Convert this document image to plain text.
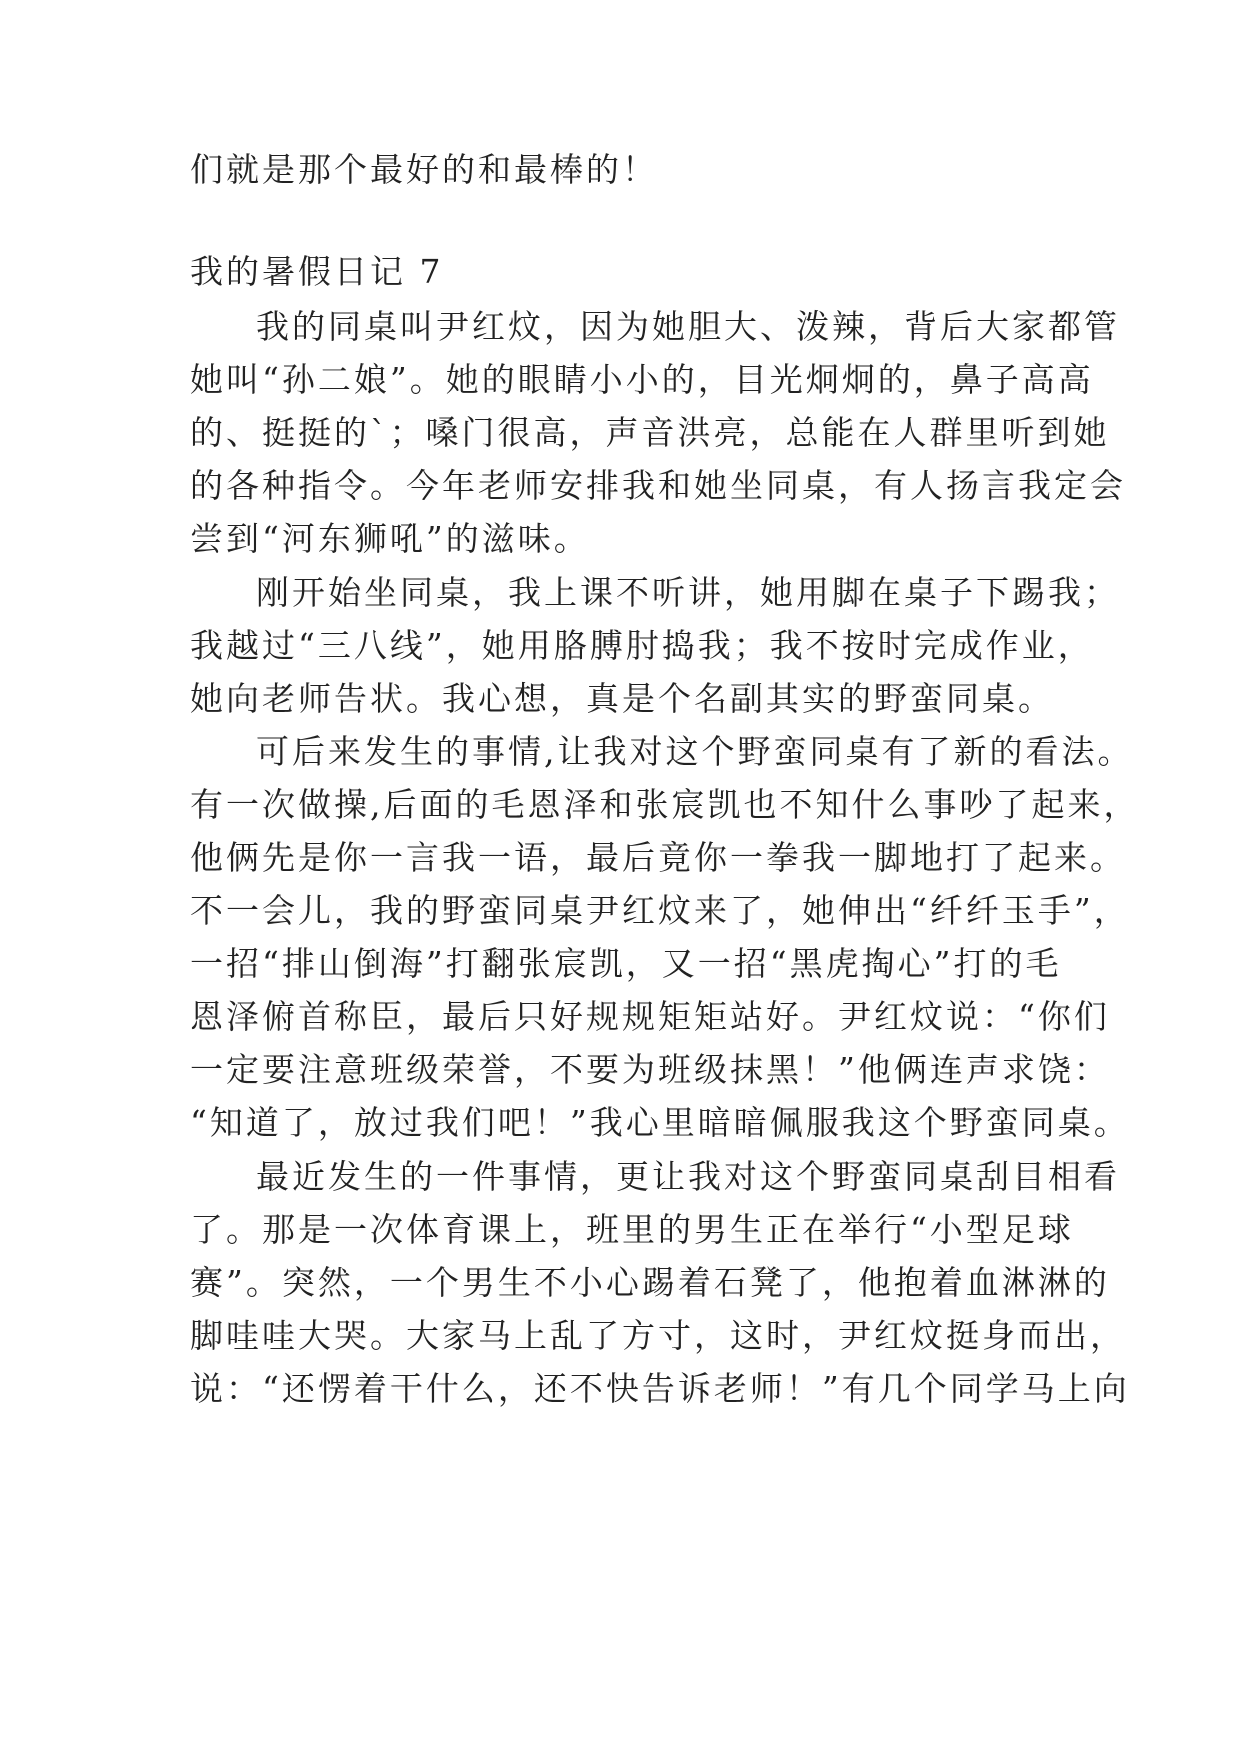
们就是那个最好的和最棒的！
我的暑假日记 7
我的同桌叫尹红炆，因为她胆大、泼辣，背后大家都管
她叫“孙二娘”。她的眼睛小小的，目光炯炯的，鼻子高高
的、挺挺的`；嗓门很高，声音洪亮，总能在人群里听到她
的各种指令。今年老师安排我和她坐同桌，有人扬言我定会
尝到“河东狮吼”的滋味。
刚开始坐同桌，我上课不听讲，她用脚在桌子下踢我；
我越过“三八线”，她用胳膊肘捣我；我不按时完成作业，
她向老师告状。我心想，真是个名副其实的野蛮同桌。
可后来发生的事情,让我对这个野蛮同桌有了新的看法。
有一次做操,后面的毛恩泽和张宸凯也不知什么事吵了起来，
他俩先是你一言我一语，最后竟你一拳我一脚地打了起来。
不一会儿，我的野蛮同桌尹红炆来了，她伸出“纤纤玉手”，
一招“排山倒海”打翻张宸凯，又一招“黑虎掏心”打的毛
恩泽俯首称臣，最后只好规规矩矩站好。尹红炆说：“你们
一定要注意班级荣誉，不要为班级抹黑！”他俩连声求饶：
“知道了，放过我们吧！”我心里暗暗佩服我这个野蛮同桌。
最近发生的一件事情，更让我对这个野蛮同桌刮目相看
了。那是一次体育课上，班里的男生正在举行“小型足球
赛”。突然，一个男生不小心踢着石凳了，他抱着血淋淋的
脚哇哇大哭。大家马上乱了方寸，这时，尹红炆挺身而出，
说：“还愣着干什么，还不快告诉老师！”有几个同学马上向
